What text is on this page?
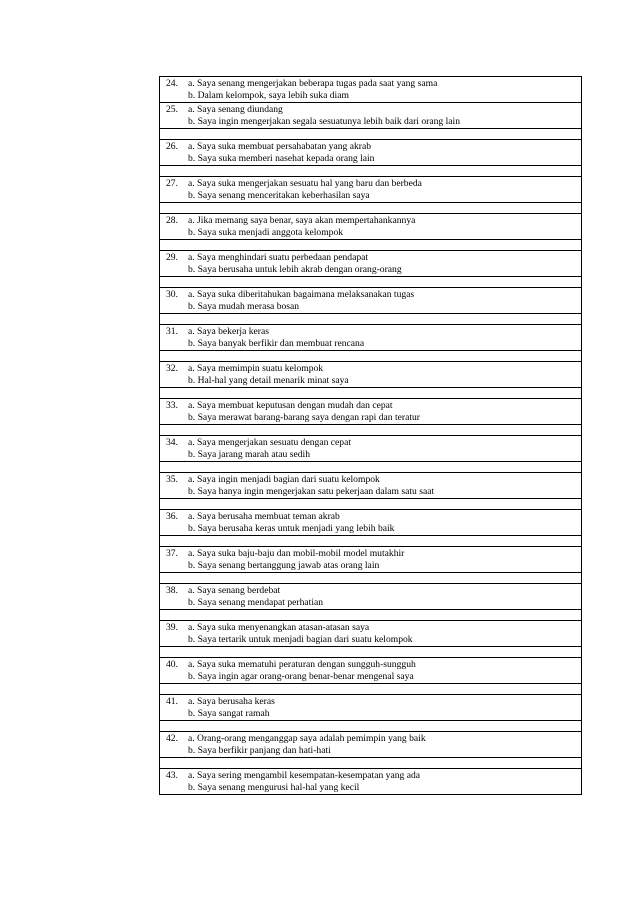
24. a. Saya senang mengerjakan beberapa tugas pada saat yang sama
b. Dalam kelompok, saya lebih suka diam

25. a. Saya senang diundang
b. Saya ingin mengerjakan segala sesuatunya lebih baik dari orang lain

26. a. Saya suka membuat persahabatan yang akrab
b. Saya suka memberi nasehat kepada orang lain

27. a. Saya suka mengerjakan sesuatu hal yang baru dan berbeda
b. Saya senang menceritakan keberhasilan saya

28. a. Jika memang saya benar, saya akan mempertahankannya
b. Saya suka menjadi anggota kelompok

29. a. Saya menghindari suatu perbedaan pendapat
b. Saya berusaha untuk lebih akrab dengan orang-orang

30. a. Saya suka diberitahukan bagaimana melaksanakan tugas
b. Saya mudah merasa bosan

31. a. Saya bekerja keras
b. Saya banyak berfikir dan membuat rencana

32. a. Saya memimpin suatu kelompok
b. Hal-hal yang detail menarik minat saya

33. a. Saya membuat keputusan dengan mudah dan cepat
b. Saya merawat barang-barang saya dengan rapi dan teratur

34. a. Saya mengerjakan sesuatu dengan cepat
b. Saya jarang marah atau sedih

35. a. Saya ingin menjadi bagian dari suatu kelompok
b. Saya hanya ingin mengerjakan satu pekerjaan dalam satu saat

36. a. Saya berusaha membuat teman akrab
b. Saya berusaha keras untuk menjadi yang lebih baik

37. a. Saya suka baju-baju dan mobil-mobil model mutakhir
b. Saya senang bertanggung jawab atas orang lain

38. a. Saya senang berdebat
b. Saya senang mendapat perhatian

39. a. Saya suka menyenangkan atasan-atasan saya
b. Saya tertarik untuk menjadi bagian dari suatu kelompok

40. a. Saya suka mematuhi peraturan dengan sungguh-sungguh
b. Saya ingin agar orang-orang benar-benar mengenal saya

41. a. Saya berusaha keras
b. Saya sangat ramah

42. a. Orang-orang menganggap saya adalah pemimpin yang baik
b. Saya berfikir panjang dan hati-hati

43. a. Saya sering mengambil kesempatan-kesempatan yang ada
b. Saya senang mengurusi hal-hal yang kecil
